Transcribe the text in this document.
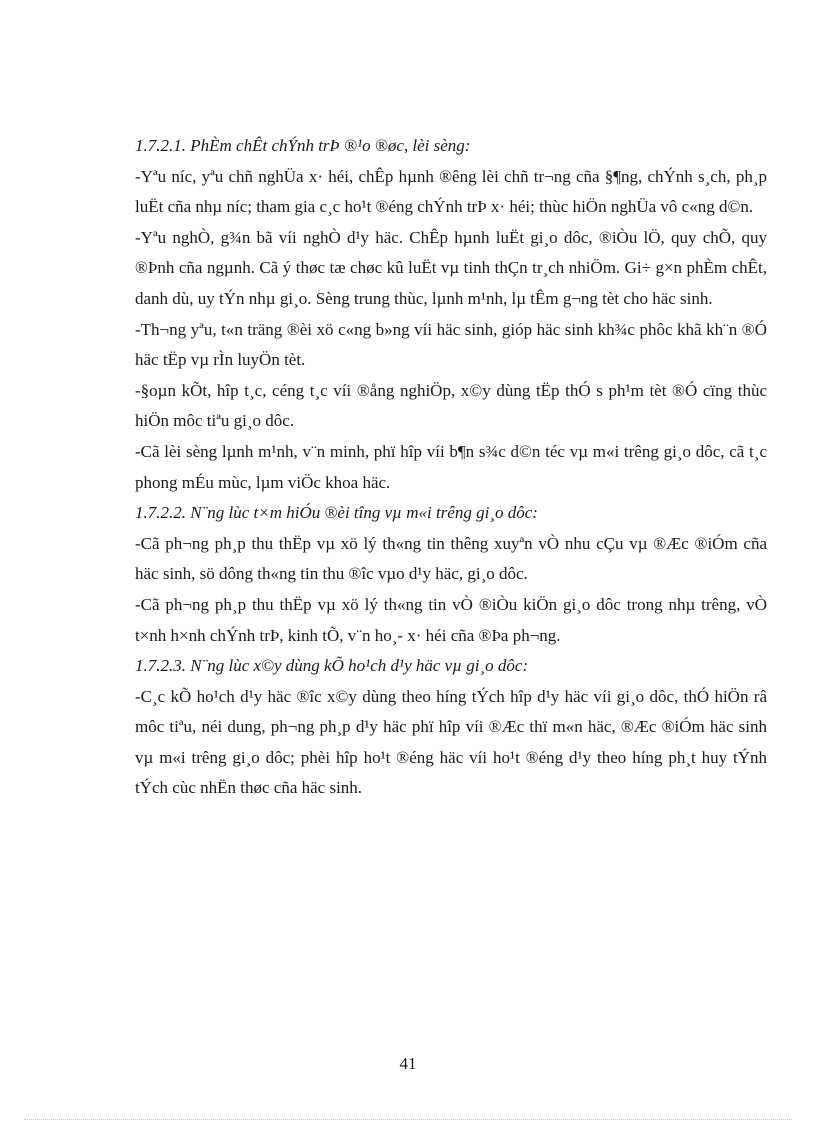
1.7.2.1. PhÈm chÊt chÝnh trÞ ®¹o ®øc, lèi sèng:

-Yªu níc, yªu chñ nghÜa x· héi, chÊp hµnh ®êng lèi chñ tr¬ng cña §¶ng, chÝnh s¸ch, ph¸p luËt cña nhµ níc; tham gia c¸c ho¹t ®éng chÝnh trÞ x· héi; thùc hiÖn nghÜa vô c«ng d©n.

-Yªu nghÒ, g¾n bã víi nghÒ d¹y häc. ChÊp hµnh luËt gi¸o dôc, ®iÒu lÖ, quy chÕ, quy ®Þnh cña ngµnh. Cã ý thøc tæ chøc kû luËt vµ tinh thÇn tr¸ch nhiÖm. Gi÷ g×n phÈm chÊt, danh dù, uy tÝn nhµ gi¸o. Sèng trung thùc, lµnh m¹nh, lµ tÊm g¬ng tèt cho häc sinh.

-Th¬ng yªu, t«n träng ®èi xö c«ng b»ng víi häc sinh, gióp häc sinh kh¾c phôc khã kh¨n ®Ó häc tËp vµ rÌn luyÖn tèt.

-§oµn kÕt, hîp t¸c, céng t¸c víi ®ång nghiÖp, x©y dùng tËp thÓ s ph¹m tèt ®Ó cïng thùc hiÖn môc tiªu gi¸o dôc.

-Cã lèi sèng lµnh m¹nh, v¨n minh, phï hîp víi b¶n s¾c d©n téc vµ m«i trêng gi¸o dôc, cã t¸c phong mÉu mùc, lµm viÖc khoa häc.

1.7.2.2. N¨ng lùc t×m hiÓu ®èi tîng vµ m«i trêng gi¸o dôc:

-Cã ph¬ng ph¸p thu thËp vµ xö lý th«ng tin thêng xuyªn vÒ nhu cÇu vµ ®Æc ®iÓm cña häc sinh, sö dông th«ng tin thu ®îc vµo d¹y häc, gi¸o dôc.

-Cã ph¬ng ph¸p thu thËp vµ xö lý th«ng tin vÒ ®iÒu kiÖn gi¸o dôc trong nhµ trêng, vÒ t×nh h×nh chÝnh trÞ, kinh tÕ, v¨n ho¸- x· héi cña ®Þa ph¬ng.

1.7.2.3. N¨ng lùc x©y dùng kÕ ho¹ch d¹y häc vµ gi¸o dôc:

-C¸c kÕ ho¹ch d¹y häc ®îc x©y dùng theo híng tÝch hîp d¹y häc víi gi¸o dôc, thÓ hiÖn râ môc tiªu, néi dung, ph¬ng ph¸p d¹y häc phï hîp víi ®Æc thï m«n häc, ®Æc ®iÓm häc sinh vµ m«i trêng gi¸o dôc; phèi hîp ho¹t ®éng häc víi ho¹t ®éng d¹y theo híng ph¸t huy tÝnh tÝch cùc nhËn thøc cña häc sinh.

41
